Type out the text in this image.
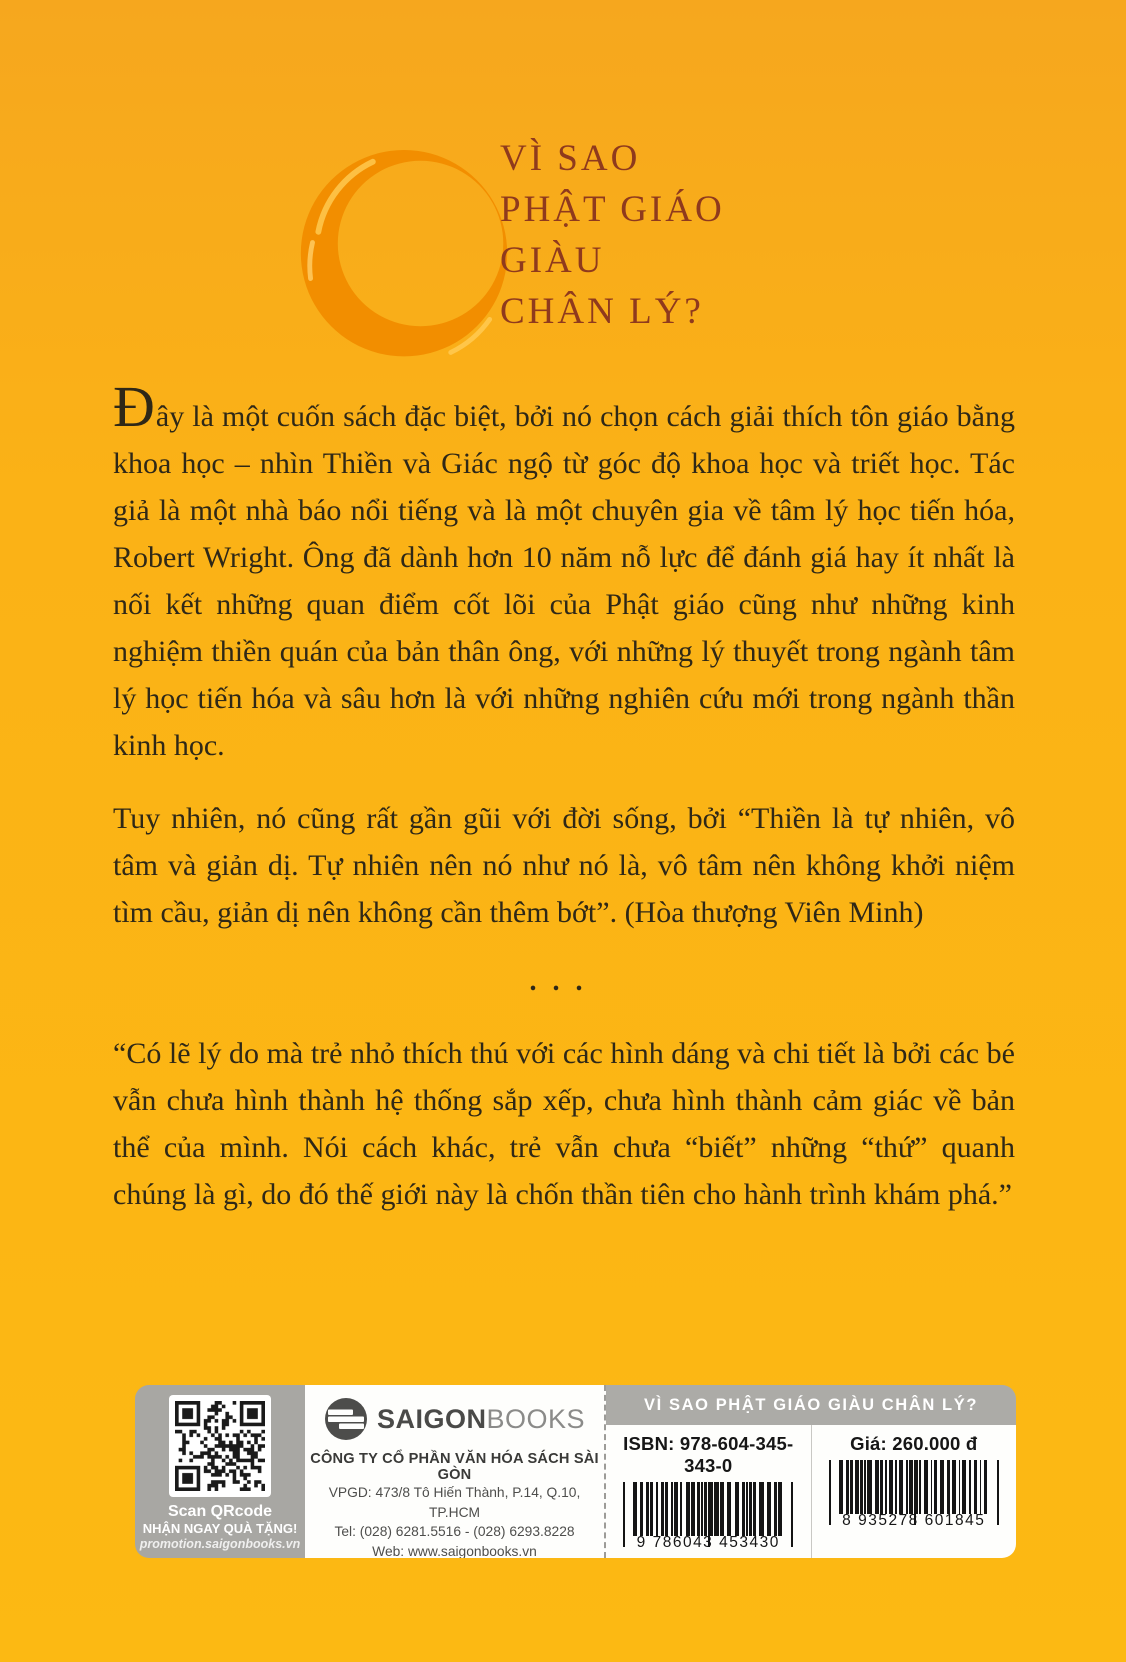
VÌ SAO
PHẬT GIÁO
GIÀU
CHÂN LÝ?

Đây là một cuốn sách đặc biệt, bởi nó chọn cách giải thích tôn giáo bằng khoa học – nhìn Thiền và Giác ngộ từ góc độ khoa học và triết học. Tác giả là một nhà báo nổi tiếng và là một chuyên gia về tâm lý học tiến hóa, Robert Wright. Ông đã dành hơn 10 năm nỗ lực để đánh giá hay ít nhất là nối kết những quan điểm cốt lõi của Phật giáo cũng như những kinh nghiệm thiền quán của bản thân ông, với những lý thuyết trong ngành tâm lý học tiến hóa và sâu hơn là với những nghiên cứu mới trong ngành thần kinh học.

Tuy nhiên, nó cũng rất gần gũi với đời sống, bởi “Thiền là tự nhiên, vô tâm và giản dị. Tự nhiên nên nó như nó là, vô tâm nên không khởi niệm tìm cầu, giản dị nên không cần thêm bớt”. (Hòa thượng Viên Minh)

...

“Có lẽ lý do mà trẻ nhỏ thích thú với các hình dáng và chi tiết là bởi các bé vẫn chưa hình thành hệ thống sắp xếp, chưa hình thành cảm giác về bản thể của mình. Nói cách khác, trẻ vẫn chưa “biết” những “thứ” quanh chúng là gì, do đó thế giới này là chốn thần tiên cho hành trình khám phá.”

Scan QRcode
NHẬN NGAY QUÀ TẶNG!
promotion.saigonbooks.vn
SAIGONBOOKS
CÔNG TY CỔ PHẦN VĂN HÓA SÁCH SÀI GÒN
VPGD: 473/8 Tô Hiến Thành, P.14, Q.10, TP.HCM
Tel: (028) 6281.5516 - (028) 6293.8228
Web: www.saigonbooks.vn
VÌ SAO PHẬT GIÁO GIÀU CHÂN LÝ?
ISBN: 978-604-345-343-0
9 786043 453430
Giá: 260.000 đ
8 935278 601845
